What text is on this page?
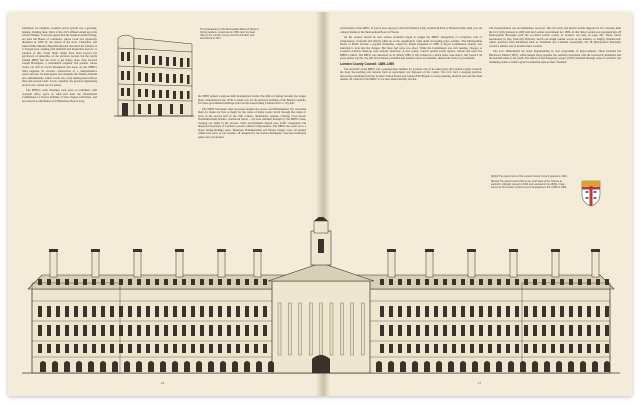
formation, for example, London's sewer system was a growing, leaking, bursting mess. Most of the city's effluent ended up in the central Thames. Everyone agreed that the situation needed fixing, not least the House of Commons, whose work was repeatedly disrupted in 1858 by the stench of the river. Chancellor and future Prime Minister Benjamin Disraeli described the Thames as 'a Stygian pool, reeking with ineffable and intolerable horrors'. A solution to this 'Great Stink' might have been beyond the patchwork of authorities of the previous decade, but the newly formed MBW had the clout to get things done. Step forward Joseph Bazalgette, a remarkable engineer and planner whose works can still be traced throughout this book. As the MBW's chief engineer, he oversaw construction of a comprehensive sewer network. Its interceptors ran alongside the Thames beneath new embankments, which would also carry underground railway lines and several roads. It was, arguably, the greatest engineering project ever carried out in London.

The MBW's early meetings took place in Guildhall, with overspill office space in what had been the Westminster Commission of Sewers building at Soho Square (still there, and now known as the House of St Barnabas). Before long,

The headquarters of the Metropolitan Board of Works in Spring Gardens, constructed in 1859; later the head office of the London County Council until 1922, and demolished in 1971.

the MBW gained a purpose-built headquarters beside The Mall on Spring Gardens (no longer there; demolished in the 1970s to make way for the unlovely building of the British Council). For these government buildings, this was the nearest thing London had to a 'city hall'.

The MBW had many other successes besides the sewers and Embankment. We can thank them (or shake our fists at them) for the series of major roads carved through the centre of town in the second half of the 19th century. Shaftesbury Avenue, Charing Cross Road, Northumberland Avenue, Southwark Street ... all were smashed through by the MBW's men, clearing out slums in the process. Such developments helped ease traffic congestion, but displaced thousands of London's poorest without compensation. The MBW also went on to a major bridge-building spree. Battersea, Hammersmith and Putney bridges were all opened within four years of one another, all designed by the tireless Bazalgette. Spacious municipal parks were yet another

16

achievement of the MBW. If you've ever enjoyed a stroll in Finsbury Park, Southwark Park or Battersea Park, then you can whisper thanks to the Metropolitan Board of Works.

As the century neared its end, serious problems began to plague the MBW. Allegations of corruption, lack of transparency, cronyism and bribery piled up as the organisation came under increasing press scrutiny. 'The Metropolitan Board of Perks' became a popular nickname, coined by Punch magazine in 1888. A Royal Commission enquiry was launched to look into the charges. But more bad news was afoot. While the Commission was still running, changes to London's political make-up were already underway. A new county council system would replace, refresh and retire the MBW's outfits. The MBW was dissolved on 21 March 1889. It left London in a much better state than it had found it 34 years earlier, but the city still faced intense problems that needed a more accountable, democratic form of government.

London County Council: 1889–1965

The downfall of the MBW was a pleasant-like summer for London. Out of its ashes grew the London County Council, the most far-reaching and rational form of governance yet imposed on the capital. The LCC had a sleeping purview, narrowing everything from the London School Board and London Fire Brigade to town planning, medical care and the main tunnels. In contrast to the MBW, it was also democratically elected.

The transformation was not immediate, however. The old vestry and district boards lingered on for a decade, until the LCC fully matured in 1900 with the London Government Act 1899. At this time, London was organised into 28 Metropolitan Boroughs (still the so-called central county of London: see map on page 20). These varied enormously in size, from tiny Holborn, which one might saunter across in ten minutes, to mighty Wandsworth, which stretched from Richmond Park to Streatham and Clapham. Essentially, the 28 Metropolitan Boroughs created a similar area to modern Inner London.

The LCC immediately set about implementing its own programme of improvements. These included the Blackwall Tunnel (1897), which helped bring together the northern docklands with the Greenwich Peninsula and the Kentish lands to the south. The Aldwych and Kingsway project (1905) smashed through some of London's last remaining slums to build a grand ceremonial-style avenue. Vauxhall

(Right) The coat of arms of the London County Council, granted in 1914.

(Below) The grand County Hall on the south bank of the Thames at Lambeth, originally opened in 1922 and extended in the 1930s. It later served as the Greater London Council headquarters from 1965 to 1986.

17
